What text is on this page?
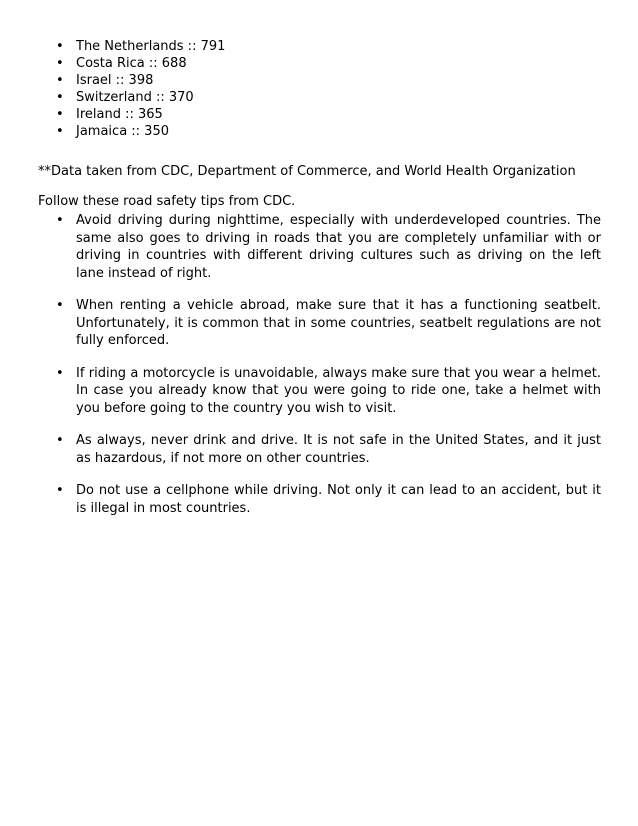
• The Netherlands :: 791
• Costa Rica :: 688
• Israel :: 398
• Switzerland :: 370
• Ireland :: 365
• Jamaica :: 350

**Data taken from CDC, Department of Commerce, and World Health Organization

Follow these road safety tips from CDC.

• Avoid driving during nighttime, especially with underdeveloped countries. The same also goes to driving in roads that you are completely unfamiliar with or driving in countries with different driving cultures such as driving on the left lane instead of right.
• When renting a vehicle abroad, make sure that it has a functioning seatbelt. Unfortunately, it is common that in some countries, seatbelt regulations are not fully enforced.
• If riding a motorcycle is unavoidable, always make sure that you wear a helmet. In case you already know that you were going to ride one, take a helmet with you before going to the country you wish to visit.
• As always, never drink and drive. It is not safe in the United States, and it just as hazardous, if not more on other countries.
• Do not use a cellphone while driving. Not only it can lead to an accident, but it is illegal in most countries.
